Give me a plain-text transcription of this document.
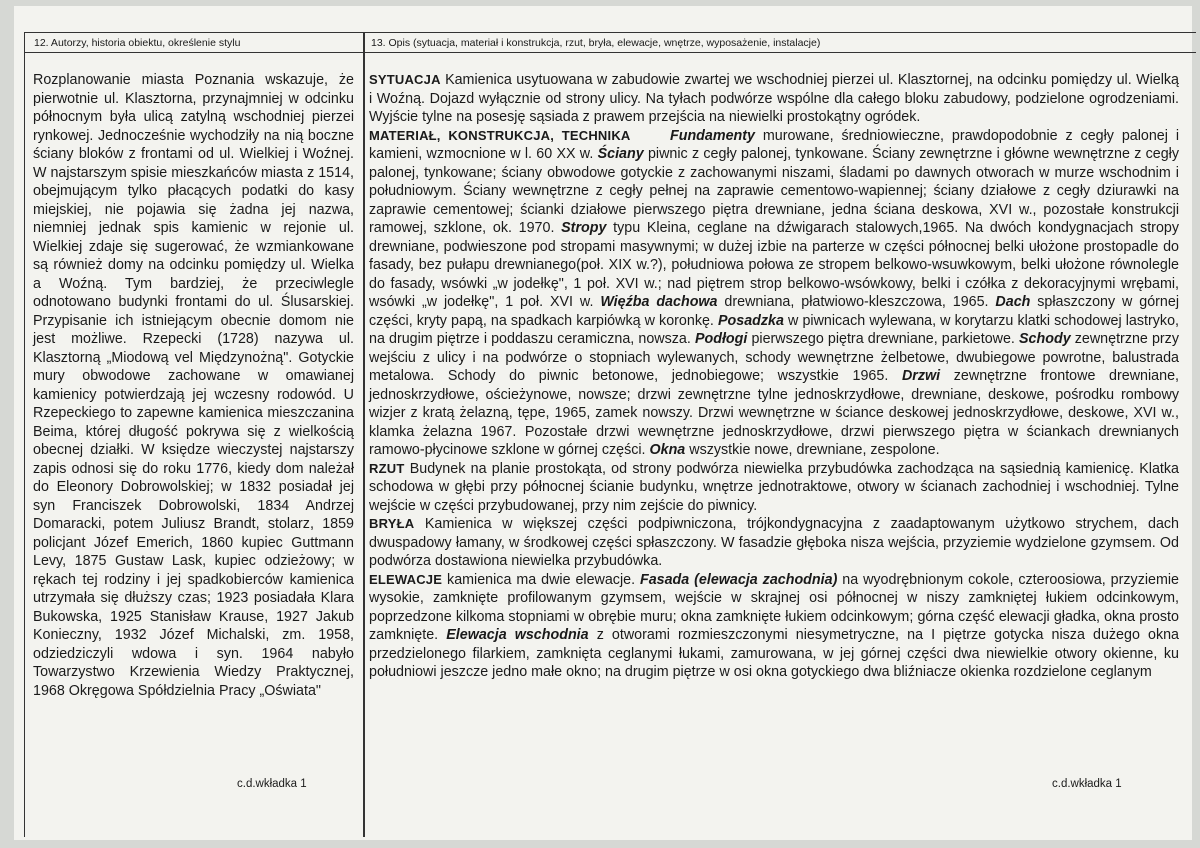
12. Autorzy, historia obiektu, określenie stylu	13. Opis (sytuacja, materiał i konstrukcja, rzut, bryła, elewacje, wnętrze, wyposażenie, instalacje)

Rozplanowanie miasta Poznania wskazuje, że pierwotnie ul. Klasztorna, przynajmniej w odcinku północnym była ulicą zatylną wschodniej pierzei rynkowej. Jednocześnie wychodziły na nią boczne ściany bloków z frontami od ul. Wielkiej i Woźnej. W najstarszym spisie mieszkańców miasta z 1514, obejmującym tylko płacących podatki do kasy miejskiej, nie pojawia się żadna jej nazwa, niemniej jednak spis kamienic w rejonie ul. Wielkiej zdaje się sugerować, że wzmiankowane są również domy na odcinku pomiędzy ul. Wielka a Woźną. Tym bardziej, że przeciwlegle odnotowano budynki frontami do ul. Ślusarskiej. Przypisanie ich istniejącym obecnie domom nie jest możliwe. Rzepecki (1728) nazywa ul. Klasztorną „Miodową vel Międzynożną". Gotyckie mury obwodowe zachowane w omawianej kamienicy potwierdzają jej wczesny rodowód. U Rzepeckiego to zapewne kamienica mieszczanina Beima, której długość pokrywa się z wielkością obecnej działki. W księdze wieczystej najstarszy zapis odnosi się do roku 1776, kiedy dom należał do Eleonory Dobrowolskiej; w 1832 posiadał jej syn Franciszek Dobrowolski, 1834 Andrzej Domaracki, potem Juliusz Brandt, stolarz, 1859 policjant Józef Emerich, 1860 kupiec Guttmann Levy, 1875 Gustaw Lask, kupiec odzieżowy; w rękach tej rodziny i jej spadkobierców kamienica utrzymała się dłuższy czas; 1923 posiadała Klara Bukowska, 1925 Stanisław Krause, 1927 Jakub Konieczny, 1932 Józef Michalski, zm. 1958, odziedziczyli wdowa i syn. 1964 nabyło Towarzystwo Krzewienia Wiedzy Praktycznej, 1968 Okręgowa Spółdzielnia Pracy „Oświata"

SYTUACJA Kamienica usytuowana w zabudowie zwartej we wschodniej pierzei ul. Klasztornej, na odcinku pomiędzy ul. Wielką i Woźną. Dojazd wyłącznie od strony ulicy. Na tyłach podwórze wspólne dla całego bloku zabudowy, podzielone ogrodzeniami. Wyjście tylne na posesję sąsiada z prawem przejścia na niewielki prostokątny ogródek.

MATERIAŁ, KONSTRUKCJA, TECHNIKA	Fundamenty murowane, średniowieczne, prawdopodobnie z cegły palonej i kamieni, wzmocnione w l. 60 XX w. Ściany piwnic z cegły palonej, tynkowane. Ściany zewnętrzne i główne wewnętrzne z cegły palonej, tynkowane; ściany obwodowe gotyckie z zachowanymi niszami, śladami po dawnych otworach w murze wschodnim i południowym. Ściany wewnętrzne z cegły pełnej na zaprawie cementowo-wapiennej; ściany działowe z cegły dziurawki na zaprawie cementowej; ścianki działowe pierwszego piętra drewniane, jedna ściana deskowa, XVI w., pozostałe konstrukcji ramowej, szklone, ok. 1970. Stropy typu Kleina, ceglane na dźwigarach stalowych,1965. Na dwóch kondygnacjach stropy drewniane, podwieszone pod stropami masywnymi; w dużej izbie na parterze w części północnej belki ułożone prostopadle do fasady, bez pułapu drewnianego(poł. XIX w.?), południowa połowa ze stropem belkowo-wsuwkowym, belki ułożone równolegle do fasady, wsówki „w jodełkę", 1 poł. XVI w.; nad piętrem strop belkowo-wsówkowy, belki i czółka z dekoracyjnymi wrębami, wsówki „w jodełkę", 1 poł. XVI w. Więźba dachowa drewniana, płatwiowo-kleszczowa, 1965. Dach spłaszczony w górnej części, kryty papą, na spadkach karpiówką w koronkę. Posadzka w piwnicach wylewana, w korytarzu klatki schodowej lastryko, na drugim piętrze i poddaszu ceramiczna, nowsza. Podłogi pierwszego piętra drewniane, parkietowe. Schody zewnętrzne przy wejściu z ulicy i na podwórze o stopniach wylewanych, schody wewnętrzne żelbetowe, dwubiegowe powrotne, balustrada metalowa. Schody do piwnic betonowe, jednobiegowe; wszystkie 1965. Drzwi zewnętrzne frontowe drewniane, jednoskrzydłowe, ościeżynowe, nowsze; drzwi zewnętrzne tylne jednoskrzydłowe, drewniane, deskowe, pośrodku rombowy wizjer z kratą żelazną, tępe, 1965, zamek nowszy. Drzwi wewnętrzne w ściance deskowej jednoskrzydłowe, deskowe, XVI w., klamka żelazna 1967. Pozostałe drzwi wewnętrzne jednoskrzydłowe, drzwi pierwszego piętra w ściankach drewnianych ramowo-płycinowe szklone w górnej części. Okna wszystkie nowe, drewniane, zespolone.

RZUT Budynek na planie prostokąta, od strony podwórza niewielka przybudówka zachodząca na sąsiednią kamienicę. Klatka schodowa w głębi przy północnej ścianie budynku, wnętrze jednotraktowe, otwory w ścianach zachodniej i wschodniej. Tylne wejście w części przybudowanej, przy nim zejście do piwnicy.

BRYŁA Kamienica w większej części podpiwniczona, trójkondygnacyjna z zaadaptowanym użytkowo strychem, dach dwuspadowy łamany, w środkowej części spłaszczony. W fasadzie głęboka nisza wejścia, przyziemie wydzielone gzymsem. Od podwórza dostawiona niewielka przybudówka.

ELEWACJE kamienica ma dwie elewacje. Fasada (elewacja zachodnia) na wyodrębnionym cokole, czteroosiowa, przyziemie wysokie, zamknięte profilowanym gzymsem, wejście w skrajnej osi północnej w niszy zamkniętej łukiem odcinkowym, poprzedzone kilkoma stopniami w obrębie muru; okna zamknięte łukiem odcinkowym; górna część elewacji gładka, okna prosto zamknięte. Elewacja wschodnia z otworami rozmieszczonymi niesymetryczne, na I piętrze gotycka nisza dużego okna przedzielonego filarkiem, zamknięta ceglanymi łukami, zamurowana, w jej górnej części dwa niewielkie otwory okienne, ku południowi jeszcze jedno małe okno; na drugim piętrze w osi okna gotyckiego dwa bliźniacze okienka rozdzielone ceglanym

c.d.wkładka 1	c.d.wkładka 1
